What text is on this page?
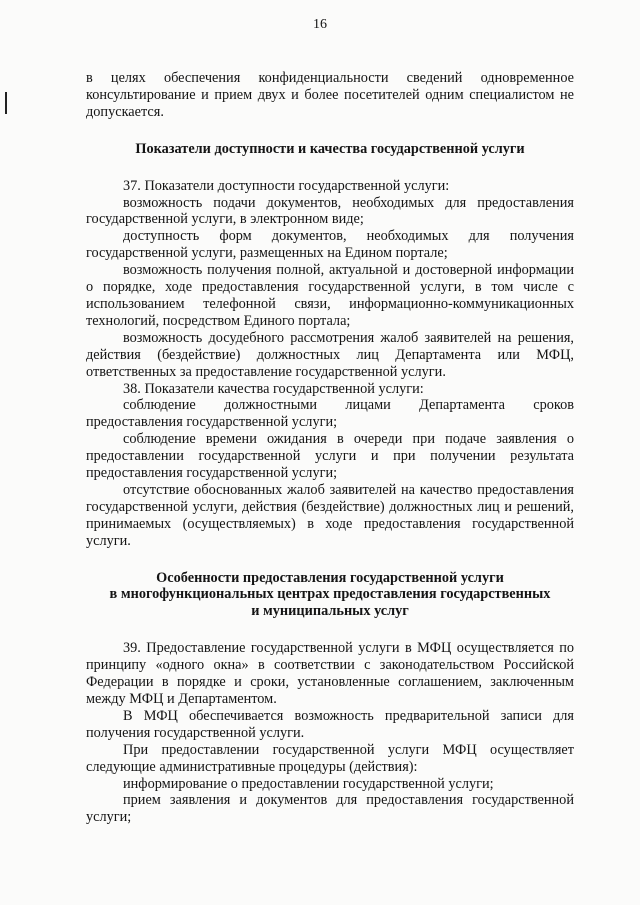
16

в целях обеспечения конфиденциальности сведений одновременное консультирование и прием двух и более посетителей одним специалистом не допускается.

Показатели доступности и качества государственной услуги

37. Показатели доступности государственной услуги:

возможность подачи документов, необходимых для предоставления государственной услуги, в электронном виде;

доступность форм документов, необходимых для получения государственной услуги, размещенных на Едином портале;

возможность получения полной, актуальной и достоверной информации о порядке, ходе предоставления государственной услуги, в том числе с использованием телефонной связи, информационно-коммуникационных технологий, посредством Единого портала;

возможность досудебного рассмотрения жалоб заявителей на решения, действия (бездействие) должностных лиц Департамента или МФЦ, ответственных за предоставление государственной услуги.

38. Показатели качества государственной услуги:

соблюдение должностными лицами Департамента сроков предоставления государственной услуги;

соблюдение времени ожидания в очереди при подаче заявления о предоставлении государственной услуги и при получении результата предоставления государственной услуги;

отсутствие обоснованных жалоб заявителей на качество предоставления государственной услуги, действия (бездействие) должностных лиц и решений, принимаемых (осуществляемых) в ходе предоставления государственной услуги.

Особенности предоставления государственной услуги

в многофункциональных центрах предоставления государственных

и муниципальных услуг

39. Предоставление государственной услуги в МФЦ осуществляется по принципу «одного окна» в соответствии с законодательством Российской Федерации в порядке и сроки, установленные соглашением, заключенным между МФЦ и Департаментом.

В МФЦ обеспечивается возможность предварительной записи для получения государственной услуги.

При предоставлении государственной услуги МФЦ осуществляет следующие административные процедуры (действия):

информирование о предоставлении государственной услуги;

прием заявления и документов для предоставления государственной услуги;
